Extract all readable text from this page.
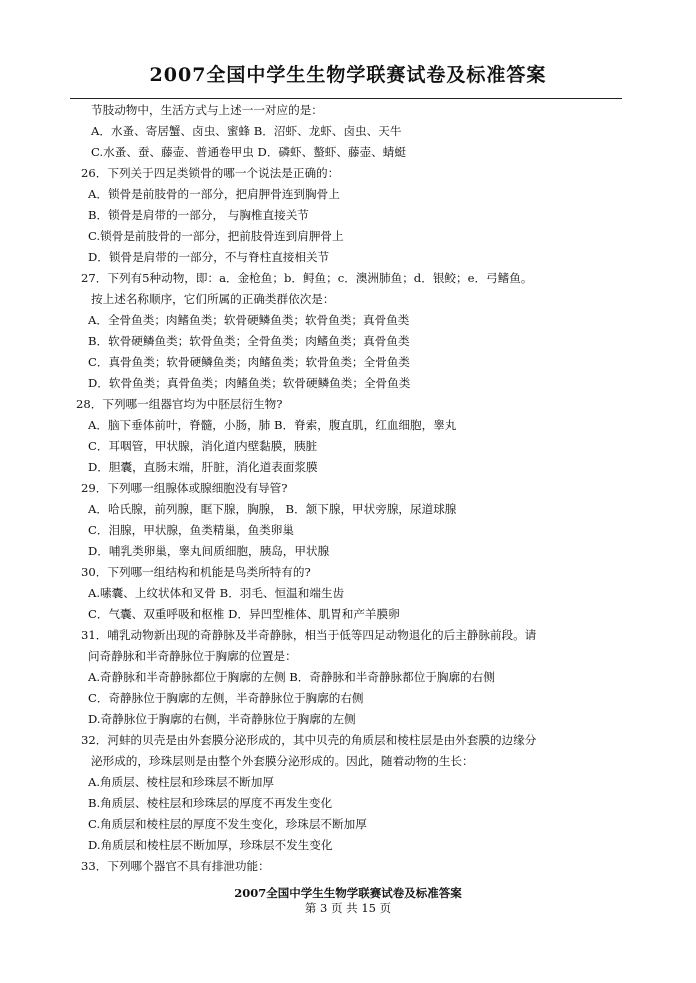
2007全国中学生生物学联赛试卷及标准答案
节肢动物中，生活方式与上述一一对应的是：
A．水蚤、寄居蟹、卤虫、蜜蜂 B．沼虾、龙虾、卤虫、天牛
C.水蚤、蚕、藤壶、普通卷甲虫 D．磷虾、螯虾、藤壶、蜻蜓
26．下列关于四足类锁骨的哪一个说法是正确的：
A．锁骨是前肢骨的一部分，把肩胛骨连到胸骨上
B．锁骨是肩带的一部分， 与胸椎直接关节
C.锁骨是前肢骨的一部分，把前肢骨连到肩胛骨上
D．锁骨是肩带的一部分，不与脊柱直接相关节
27．下列有5种动物，即：a．金枪鱼；b．鲟鱼；c．澳洲肺鱼；d．银鲛；e．弓鳍鱼。
按上述名称顺序，它们所属的正确类群依次是：
A．全骨鱼类；肉鳍鱼类；软骨硬鳞鱼类；软骨鱼类；真骨鱼类
B．软骨硬鳞鱼类；软骨鱼类；全骨鱼类；肉鳍鱼类；真骨鱼类
C．真骨鱼类；软骨硬鳞鱼类；肉鳍鱼类；软骨鱼类；全骨鱼类
D．软骨鱼类；真骨鱼类；肉鳍鱼类；软骨硬鳞鱼类；全骨鱼类
28．下列哪一组器官均为中胚层衍生物?
A．脑下垂体前叶，脊髓，小肠，肺 B．脊索，腹直肌，红血细胞，睾丸
C．耳咽管，甲状腺，消化道内壁黏膜，胰脏
D．胆囊，直肠末端，肝脏，消化道表面浆膜
29．下列哪一组腺体或腺细胞没有导管?
A．哈氏腺，前列腺，眶下腺，胸腺， B．颔下腺，甲状旁腺，尿道球腺
C．泪腺，甲状腺，鱼类精巢，鱼类卵巢
D．哺乳类卵巢，睾丸间质细胞，胰岛，甲状腺
30．下列哪一组结构和机能是鸟类所特有的?
A.嗉囊、上纹状体和叉骨 B．羽毛、恒温和端生齿
C．气囊、双重呼吸和枢椎 D．异凹型椎体、肌胃和产羊膜卵
31．哺乳动物新出现的奇静脉及半奇静脉，相当于低等四足动物退化的后主静脉前段。请
问奇静脉和半奇静脉位于胸廓的位置是：
A.奇静脉和半奇静脉都位于胸廓的左侧 B．奇静脉和半奇静脉都位于胸廓的右侧
C．奇静脉位于胸廓的左侧，半奇静脉位于胸廓的右侧
D.奇静脉位于胸廓的右侧，半奇静脉位于胸廓的左侧
32．河蚌的贝壳是由外套膜分泌形成的，其中贝壳的角质层和棱柱层是由外套膜的边缘分
泌形成的，珍珠层则是由整个外套膜分泌形成的。因此，随着动物的生长：
A.角质层、棱柱层和珍珠层不断加厚
B.角质层、棱柱层和珍珠层的厚度不再发生变化
C.角质层和棱柱层的厚度不发生变化，珍珠层不断加厚
D.角质层和棱柱层不断加厚，珍珠层不发生变化
33．下列哪个器官不具有排泄功能：
2007全国中学生生物学联赛试卷及标准答案
第 3 页 共 15 页
